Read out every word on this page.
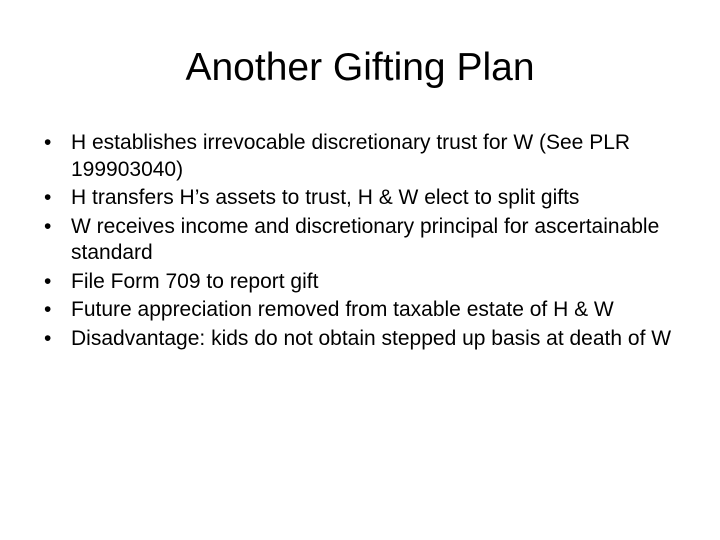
Another Gifting Plan
• H establishes irrevocable discretionary trust for W (See PLR 199903040)
• H transfers H’s assets to trust, H & W elect to split gifts
• W receives income and discretionary principal for ascertainable standard
• File Form 709 to report gift
• Future appreciation removed from taxable estate of H & W
• Disadvantage: kids do not obtain stepped up basis at death of W
